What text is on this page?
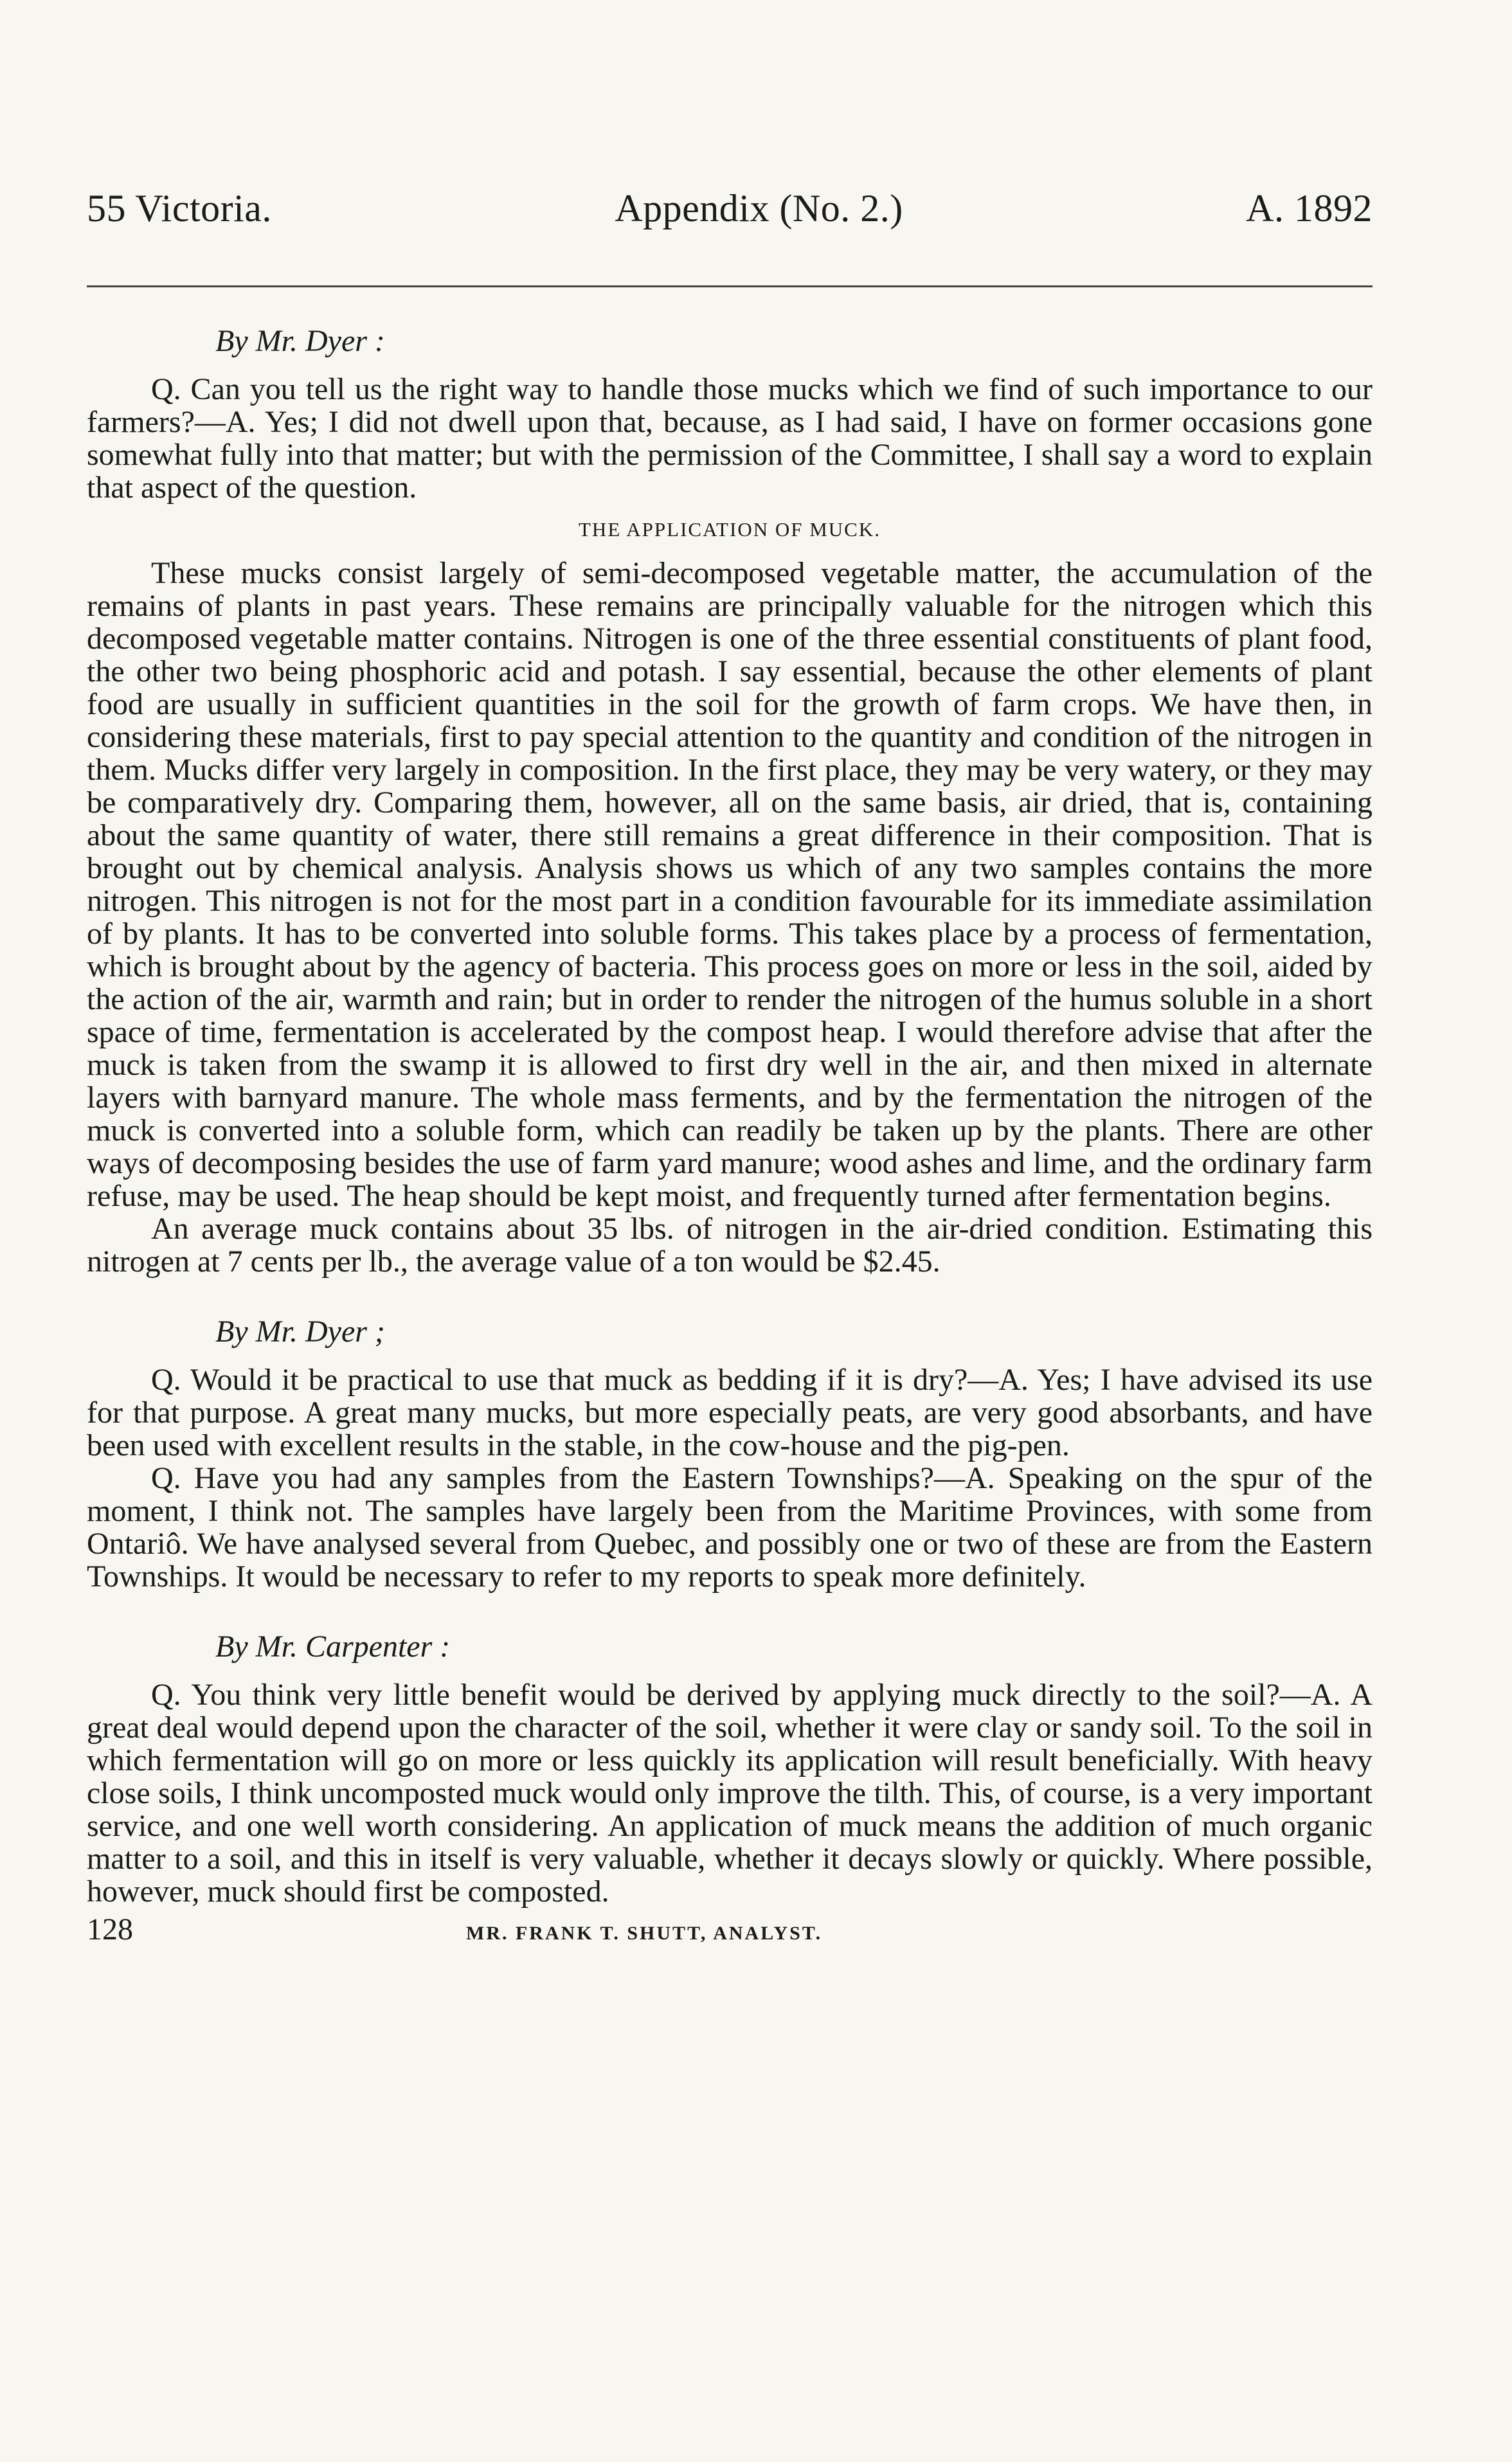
55 Victoria.	Appendix (No. 2.)	A. 1892
By Mr. Dyer :

Q. Can you tell us the right way to handle those mucks which we find of such importance to our farmers?—A. Yes; I did not dwell upon that, because, as I had said, I have on former occasions gone somewhat fully into that matter; but with the permission of the Committee, I shall say a word to explain that aspect of the question.

THE APPLICATION OF MUCK.

These mucks consist largely of semi-decomposed vegetable matter, the accumulation of the remains of plants in past years. These remains are principally valuable for the nitrogen which this decomposed vegetable matter contains. Nitrogen is one of the three essential constituents of plant food, the other two being phosphoric acid and potash. I say essential, because the other elements of plant food are usually in sufficient quantities in the soil for the growth of farm crops. We have then, in considering these materials, first to pay special attention to the quantity and condition of the nitrogen in them. Mucks differ very largely in composition. In the first place, they may be very watery, or they may be comparatively dry. Comparing them, however, all on the same basis, air dried, that is, containing about the same quantity of water, there still remains a great difference in their composition. That is brought out by chemical analysis. Analysis shows us which of any two samples contains the more nitrogen. This nitrogen is not for the most part in a condition favourable for its immediate assimilation of by plants. It has to be converted into soluble forms. This takes place by a process of fermentation, which is brought about by the agency of bacteria. This process goes on more or less in the soil, aided by the action of the air, warmth and rain; but in order to render the nitrogen of the humus soluble in a short space of time, fermentation is accelerated by the compost heap. I would therefore advise that after the muck is taken from the swamp it is allowed to first dry well in the air, and then mixed in alternate layers with barnyard manure. The whole mass ferments, and by the fermentation the nitrogen of the muck is converted into a soluble form, which can readily be taken up by the plants. There are other ways of decomposing besides the use of farm yard manure; wood ashes and lime, and the ordinary farm refuse, may be used. The heap should be kept moist, and frequently turned after fermentation begins.

An average muck contains about 35 lbs. of nitrogen in the air-dried condition. Estimating this nitrogen at 7 cents per lb., the average value of a ton would be $2.45.

By Mr. Dyer ;

Q. Would it be practical to use that muck as bedding if it is dry?—A. Yes; I have advised its use for that purpose. A great many mucks, but more especially peats, are very good absorbants, and have been used with excellent results in the stable, in the cow-house and the pig-pen.

Q. Have you had any samples from the Eastern Townships?—A. Speaking on the spur of the moment, I think not. The samples have largely been from the Maritime Provinces, with some from Ontariô. We have analysed several from Quebec, and possibly one or two of these are from the Eastern Townships. It would be necessary to refer to my reports to speak more definitely.

By Mr. Carpenter :

Q. You think very little benefit would be derived by applying muck directly to the soil?—A. A great deal would depend upon the character of the soil, whether it were clay or sandy soil. To the soil in which fermentation will go on more or less quickly its application will result beneficially. With heavy close soils, I think uncomposted muck would only improve the tilth. This, of course, is a very important service, and one well worth considering. An application of muck means the addition of much organic matter to a soil, and this in itself is very valuable, whether it decays slowly or quickly. Where possible, however, muck should first be composted.

128	MR. FRANK T. SHUTT, ANALYST.
